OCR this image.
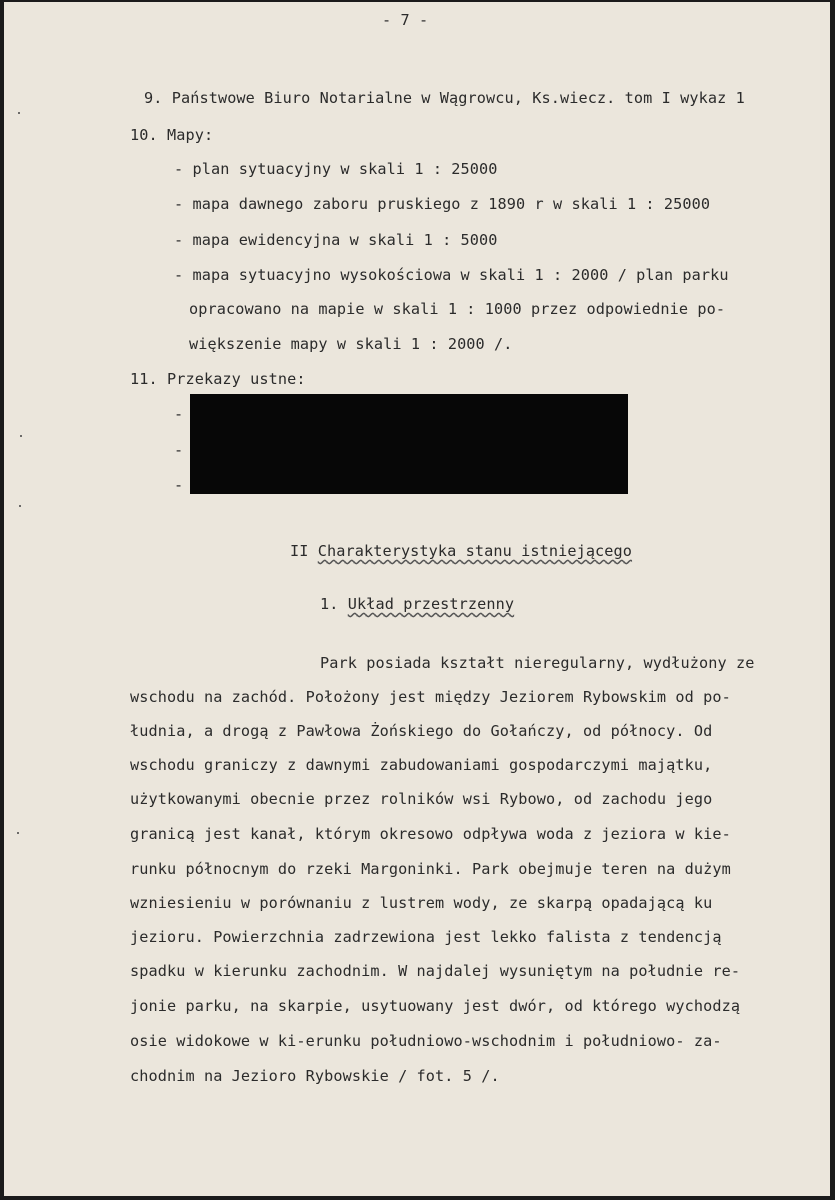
- 7 -
9. Państwowe Biuro Notarialne w Wągrowcu, Ks.wiecz. tom I wykaz 1
10. Mapy:
- plan sytuacyjny w skali 1 : 25000
- mapa dawnego zaboru pruskiego z 1890 r w skali 1 : 25000
- mapa ewidencyjna w skali 1 : 5000
- mapa sytuacyjno wysokościowa w skali 1 : 2000 / plan parku
opracowano na mapie w skali 1 : 1000 przez odpowiednie po-
większenie mapy w skali 1 : 2000 /.
11. Przekazy ustne:
-
-
-
II Charakterystyka stanu istniejącego
1. Układ przestrzenny
Park posiada kształt nieregularny, wydłużony ze
wschodu na zachód. Położony jest między Jeziorem Rybowskim od po-
łudnia, a drogą z Pawłowa Żońskiego do Gołańczy, od północy. Od
wschodu graniczy z dawnymi zabudowaniami gospodarczymi majątku,
użytkowanymi obecnie przez rolników wsi Rybowo, od zachodu jego
granicą jest kanał, którym okresowo odpływa woda z jeziora w kie-
runku północnym do rzeki Margoninki. Park obejmuje teren na dużym
wzniesieniu w porównaniu z lustrem wody, ze skarpą opadającą ku
jezioru. Powierzchnia zadrzewiona jest lekko falista z tendencją
spadku w kierunku zachodnim. W najdalej wysuniętym na południe re-
jonie parku, na skarpie, usytuowany jest dwór, od którego wychodzą
osie widokowe w ki-erunku południowo-wschodnim i południowo- za-
chodnim na Jezioro Rybowskie / fot. 5 /.
